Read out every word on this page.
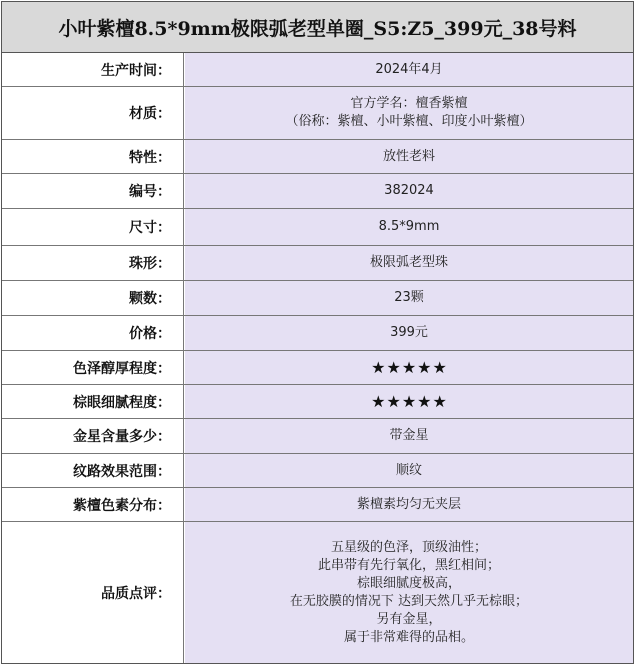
小叶紫檀8.5*9mm极限弧老型单圈_S5:Z5_399元_38号料
生产时间：	2024年4月
材质：
官方学名：檀香紫檀
（俗称：紫檀、小叶紫檀、印度小叶紫檀）
特性：	放性老料
编号：	382024
尺寸：	8.5*9mm
珠形：	极限弧老型珠
颗数：	23颗
价格：	399元
色泽醇厚程度：	★ ★ ★ ★ ★
棕眼细腻程度：	★ ★ ★ ★ ★
金星含量多少：	带金星
纹路效果范围：	顺纹
紫檀色素分布：	紫檀素均匀无夹层
品质点评：
五星级的色泽，顶级油性；
此串带有先行氧化，黑红相间；
棕眼细腻度极高，
在无胶膜的情况下 达到天然几乎无棕眼；
另有金星，
属于非常难得的品相。
